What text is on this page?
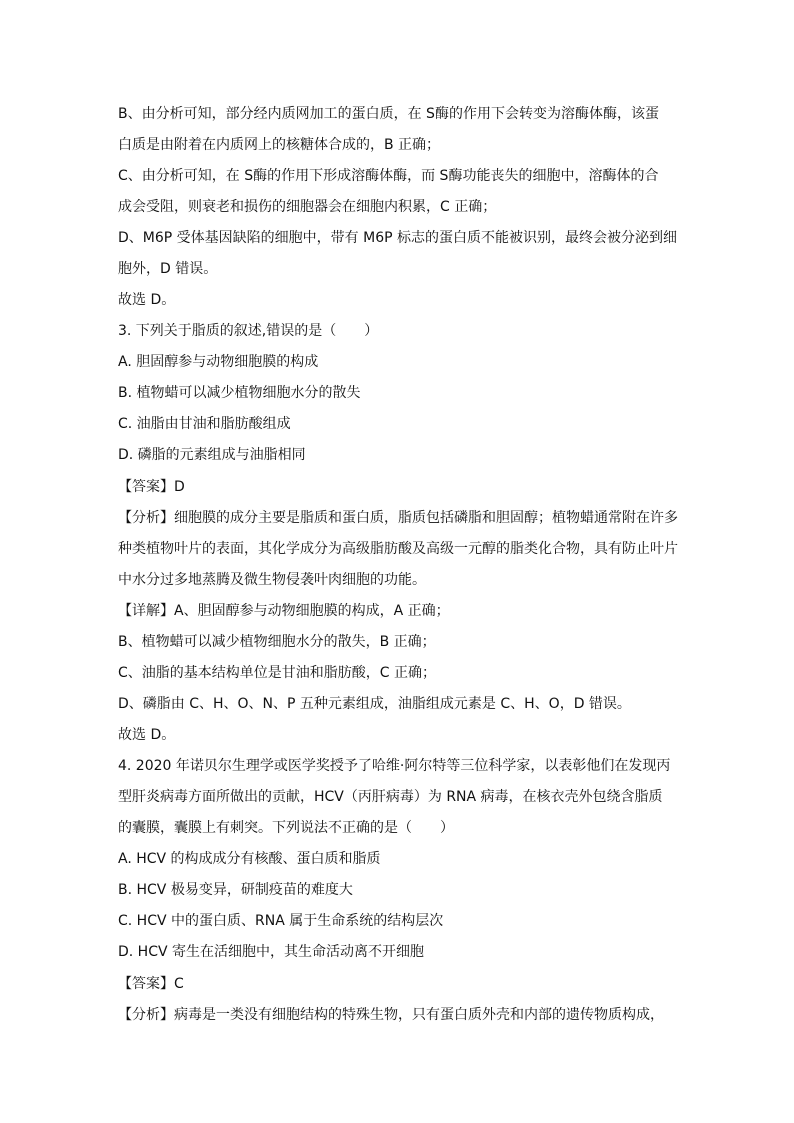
B、由分析可知，部分经内质网加工的蛋白质，在 S酶的作用下会转变为溶酶体酶，该蛋
白质是由附着在内质网上的核糖体合成的，B 正确；
C、由分析可知，在 S酶的作用下形成溶酶体酶，而 S酶功能丧失的细胞中，溶酶体的合
成会受阻，则衰老和损伤的细胞器会在细胞内积累，C 正确；
D、M6P 受体基因缺陷的细胞中，带有 M6P 标志的蛋白质不能被识别，最终会被分泌到细
胞外，D 错误。
故选 D。
3. 下列关于脂质的叙述,错误的是（　　）
A. 胆固醇参与动物细胞膜的构成
B. 植物蜡可以减少植物细胞水分的散失
C. 油脂由甘油和脂肪酸组成
D. 磷脂的元素组成与油脂相同
【答案】D
【分析】细胞膜的成分主要是脂质和蛋白质，脂质包括磷脂和胆固醇；植物蜡通常附在许多
种类植物叶片的表面，其化学成分为高级脂肪酸及高级一元醇的脂类化合物，具有防止叶片
中水分过多地蒸腾及微生物侵袭叶肉细胞的功能。
【详解】A、胆固醇参与动物细胞膜的构成，A 正确；
B、植物蜡可以减少植物细胞水分的散失，B 正确；
C、油脂的基本结构单位是甘油和脂肪酸，C 正确；
D、磷脂由 C、H、O、N、P 五种元素组成，油脂组成元素是 C、H、O，D 错误。
故选 D。
4. 2020 年诺贝尔生理学或医学奖授予了哈维·阿尔特等三位科学家，以表彰他们在发现丙
型肝炎病毒方面所做出的贡献，HCV（丙肝病毒）为 RNA 病毒，在核衣壳外包绕含脂质
的囊膜，囊膜上有刺突。下列说法不正确的是（　　）
A. HCV 的构成成分有核酸、蛋白质和脂质
B. HCV 极易变异，研制疫苗的难度大
C. HCV 中的蛋白质、RNA 属于生命系统的结构层次
D. HCV 寄生在活细胞中，其生命活动离不开细胞
【答案】C
【分析】病毒是一类没有细胞结构的特殊生物，只有蛋白质外壳和内部的遗传物质构成，
